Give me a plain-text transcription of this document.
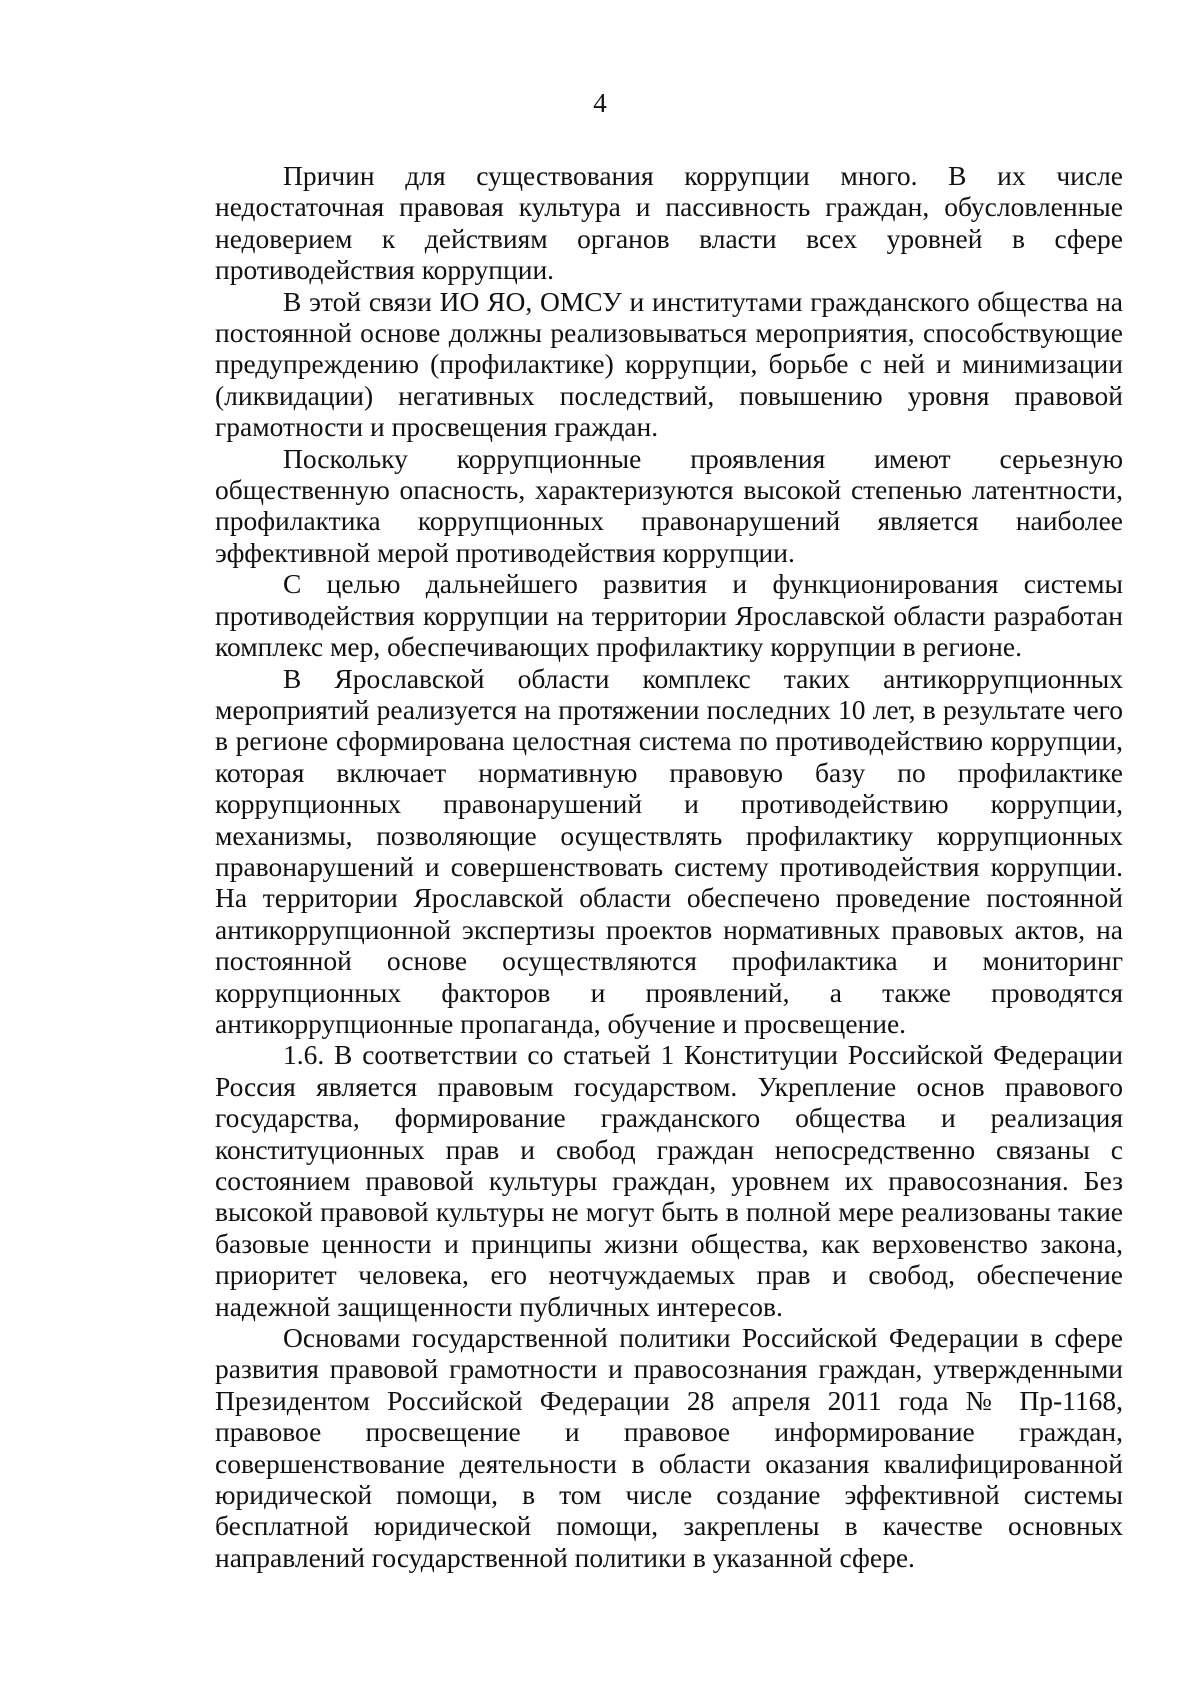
4

Причин для существования коррупции много. В их числе недостаточная правовая культура и пассивность граждан, обусловленные недоверием к действиям органов власти всех уровней в сфере противодействия коррупции.

В этой связи ИО ЯО, ОМСУ и институтами гражданского общества на постоянной основе должны реализовываться мероприятия, способствующие предупреждению (профилактике) коррупции, борьбе с ней и минимизации (ликвидации) негативных последствий, повышению уровня правовой грамотности и просвещения граждан.

Поскольку коррупционные проявления имеют серьезную общественную опасность, характеризуются высокой степенью латентности, профилактика коррупционных правонарушений является наиболее эффективной мерой противодействия коррупции.

С целью дальнейшего развития и функционирования системы противодействия коррупции на территории Ярославской области разработан комплекс мер, обеспечивающих профилактику коррупции в регионе.

В Ярославской области комплекс таких антикоррупционных мероприятий реализуется на протяжении последних 10 лет, в результате чего в регионе сформирована целостная система по противодействию коррупции, которая включает нормативную правовую базу по профилактике коррупционных правонарушений и противодействию коррупции, механизмы, позволяющие осуществлять профилактику коррупционных правонарушений и совершенствовать систему противодействия коррупции. На территории Ярославской области обеспечено проведение постоянной антикоррупционной экспертизы проектов нормативных правовых актов, на постоянной основе осуществляются профилактика и мониторинг коррупционных факторов и проявлений, а также проводятся антикоррупционные пропаганда, обучение и просвещение.

1.6. В соответствии со статьей 1 Конституции Российской Федерации Россия является правовым государством. Укрепление основ правового государства, формирование гражданского общества и реализация конституционных прав и свобод граждан непосредственно связаны с состоянием правовой культуры граждан, уровнем их правосознания. Без высокой правовой культуры не могут быть в полной мере реализованы такие базовые ценности и принципы жизни общества, как верховенство закона, приоритет человека, его неотчуждаемых прав и свобод, обеспечение надежной защищенности публичных интересов.

Основами государственной политики Российской Федерации в сфере развития правовой грамотности и правосознания граждан, утвержденными Президентом Российской Федерации 28 апреля 2011 года № Пр-1168, правовое просвещение и правовое информирование граждан, совершенствование деятельности в области оказания квалифицированной юридической помощи, в том числе создание эффективной системы бесплатной юридической помощи, закреплены в качестве основных направлений государственной политики в указанной сфере.
